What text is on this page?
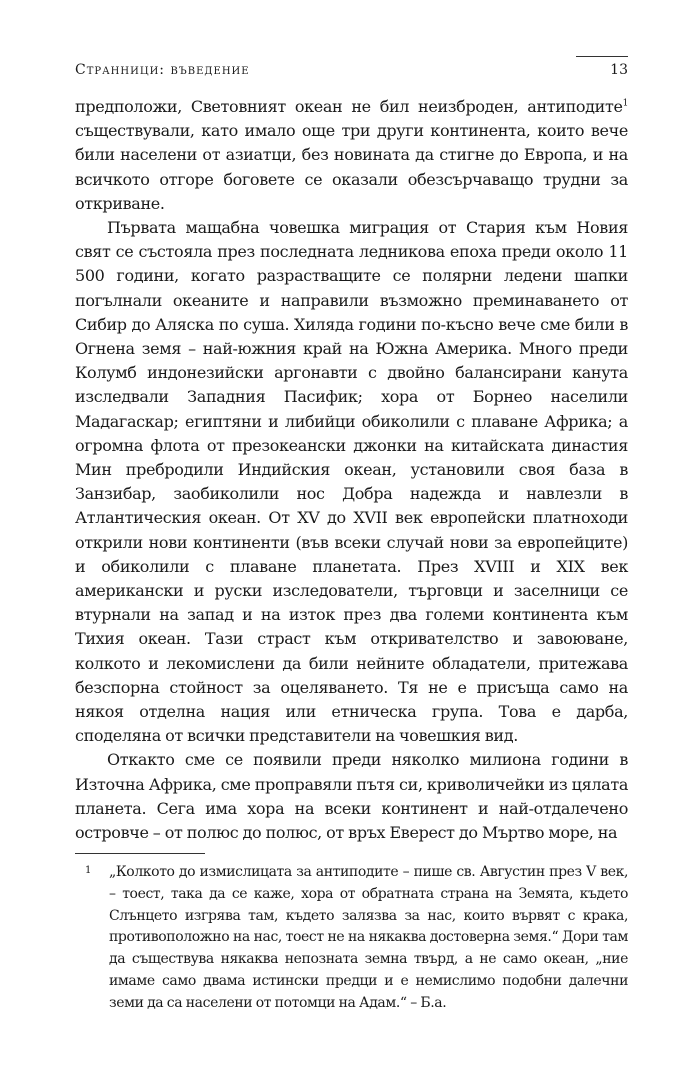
Странници: въведение	13

предположи, Световният океан не бил неизброден, антиподите$^1$ съществували, като имало още три други континента, които вече били населени от азиатци, без новината да стигне до Европа, и на всичкото отгоре боговете се оказали обезсърчаващо трудни за откриване.

Първата мащабна човешка миграция от Стария към Новия свят се състояла през последната ледникова епоха преди около 11 500 години, когато разрастващите се полярни ледени шапки погълнали океаните и направили възможно преминаването от Сибир до Аляска по суша. Хиляда години по-късно вече сме били в Огнена земя – най-южния край на Южна Америка. Много преди Колумб индонезийски аргонавти с двойно балансирани канута изследвали Западния Пасифик; хора от Борнео населили Мадагаскар; египтяни и либийци обиколили с плаване Африка; а огромна флота от презокеански джонки на китайската династия Мин пребродили Индийския океан, установили своя база в Занзибар, заобиколили нос Добра надежда и навлезли в Атлантическия океан. От XV до XVII век европейски платноходи открили нови континенти (във всеки случай нови за европейците) и обиколили с плаване планетата. През XVIII и XIX век американски и руски изследователи, търговци и заселници се втурнали на запад и на изток през два големи континента към Тихия океан. Тази страст към откривателство и завоюване, колкото и лекомислени да били нейните обладатели, притежава безспорна стойност за оцеляването. Тя не е присъща само на някоя отделна нация или етническа група. Това е дарба, споделяна от всички представители на човешкия вид.

Откакто сме се появили преди няколко милиона години в Източна Африка, сме проправяли пътя си, криволичейки из цялата планета. Сега има хора на всеки континент и най-отдалечено островче – от полюс до полюс, от връх Еверест до Мъртво море, на

1 „Колкото до измислицата за антиподите – пише св. Августин през V век, – тоест, така да се каже, хора от обратната страна на Земята, където Слънцето изгрява там, където залязва за нас, които вървят с крака, противоположно на нас, тоест не на някаква достоверна земя.“ Дори там да съществува някаква непозната земна твърд, а не само океан, „ние имаме само двама истински предци и е немислимо подобни далечни земи да са населени от потомци на Адам.“ – Б.а.
